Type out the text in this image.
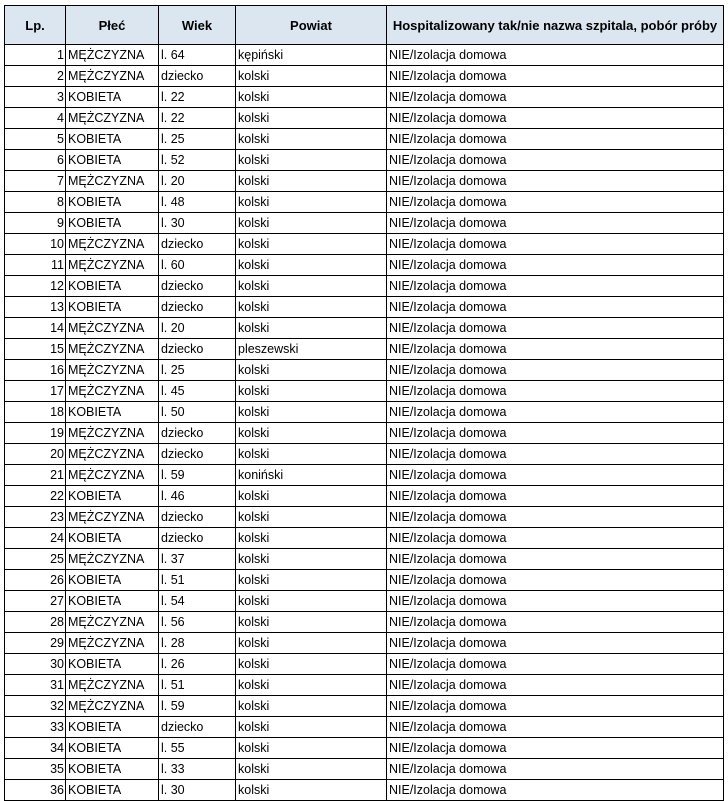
Lp.	Płeć	Wiek	Powiat	Hospitalizowany tak/nie nazwa szpitala, pobór próby
1	MĘŻCZYZNA	l. 64	kępiński	NIE/Izolacja domowa
2	MĘŻCZYZNA	dziecko	kolski	NIE/Izolacja domowa
3	KOBIETA	l. 22	kolski	NIE/Izolacja domowa
4	MĘŻCZYZNA	l. 22	kolski	NIE/Izolacja domowa
5	KOBIETA	l. 25	kolski	NIE/Izolacja domowa
6	KOBIETA	l. 52	kolski	NIE/Izolacja domowa
7	MĘŻCZYZNA	l. 20	kolski	NIE/Izolacja domowa
8	KOBIETA	l. 48	kolski	NIE/Izolacja domowa
9	KOBIETA	l. 30	kolski	NIE/Izolacja domowa
10	MĘŻCZYZNA	dziecko	kolski	NIE/Izolacja domowa
11	MĘŻCZYZNA	l. 60	kolski	NIE/Izolacja domowa
12	KOBIETA	dziecko	kolski	NIE/Izolacja domowa
13	KOBIETA	dziecko	kolski	NIE/Izolacja domowa
14	MĘŻCZYZNA	l. 20	kolski	NIE/Izolacja domowa
15	MĘŻCZYZNA	dziecko	pleszewski	NIE/Izolacja domowa
16	MĘŻCZYZNA	l. 25	kolski	NIE/Izolacja domowa
17	MĘŻCZYZNA	l. 45	kolski	NIE/Izolacja domowa
18	KOBIETA	l. 50	kolski	NIE/Izolacja domowa
19	MĘŻCZYZNA	dziecko	kolski	NIE/Izolacja domowa
20	MĘŻCZYZNA	dziecko	kolski	NIE/Izolacja domowa
21	MĘŻCZYZNA	l. 59	koniński	NIE/Izolacja domowa
22	KOBIETA	l. 46	kolski	NIE/Izolacja domowa
23	MĘŻCZYZNA	dziecko	kolski	NIE/Izolacja domowa
24	KOBIETA	dziecko	kolski	NIE/Izolacja domowa
25	MĘŻCZYZNA	l. 37	kolski	NIE/Izolacja domowa
26	KOBIETA	l. 51	kolski	NIE/Izolacja domowa
27	KOBIETA	l. 54	kolski	NIE/Izolacja domowa
28	MĘŻCZYZNA	l. 56	kolski	NIE/Izolacja domowa
29	MĘŻCZYZNA	l. 28	kolski	NIE/Izolacja domowa
30	KOBIETA	l. 26	kolski	NIE/Izolacja domowa
31	MĘŻCZYZNA	l. 51	kolski	NIE/Izolacja domowa
32	MĘŻCZYZNA	l. 59	kolski	NIE/Izolacja domowa
33	KOBIETA	dziecko	kolski	NIE/Izolacja domowa
34	KOBIETA	l. 55	kolski	NIE/Izolacja domowa
35	KOBIETA	l. 33	kolski	NIE/Izolacja domowa
36	KOBIETA	l. 30	kolski	NIE/Izolacja domowa
